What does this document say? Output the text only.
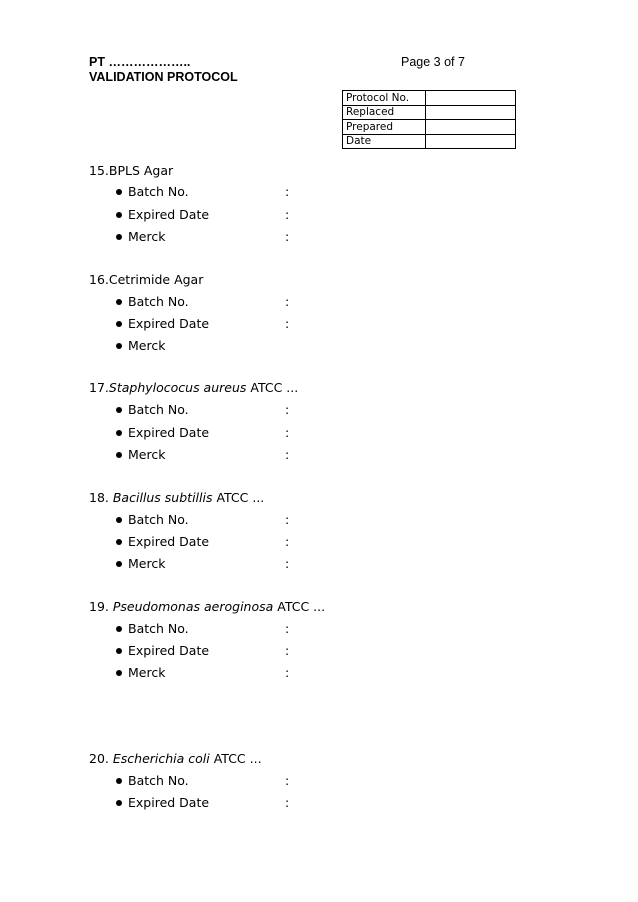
PT ………………..
VALIDATION PROTOCOL
Page 3 of 7
Protocol No.	
Replaced	
Prepared	
Date	
15.BPLS Agar
Batch No.	:
Expired Date	:
Merck	:
16.Cetrimide Agar
Batch No.	:
Expired Date	:
Merck
17.Staphylococus aureus ATCC ...
Batch No.	:
Expired Date	:
Merck	:
18. Bacillus subtillis ATCC ...
Batch No.	:
Expired Date	:
Merck	:
19. Pseudomonas aeroginosa ATCC ...
Batch No.	:
Expired Date	:
Merck	:
20. Escherichia coli ATCC ...
Batch No.	:
Expired Date	:
